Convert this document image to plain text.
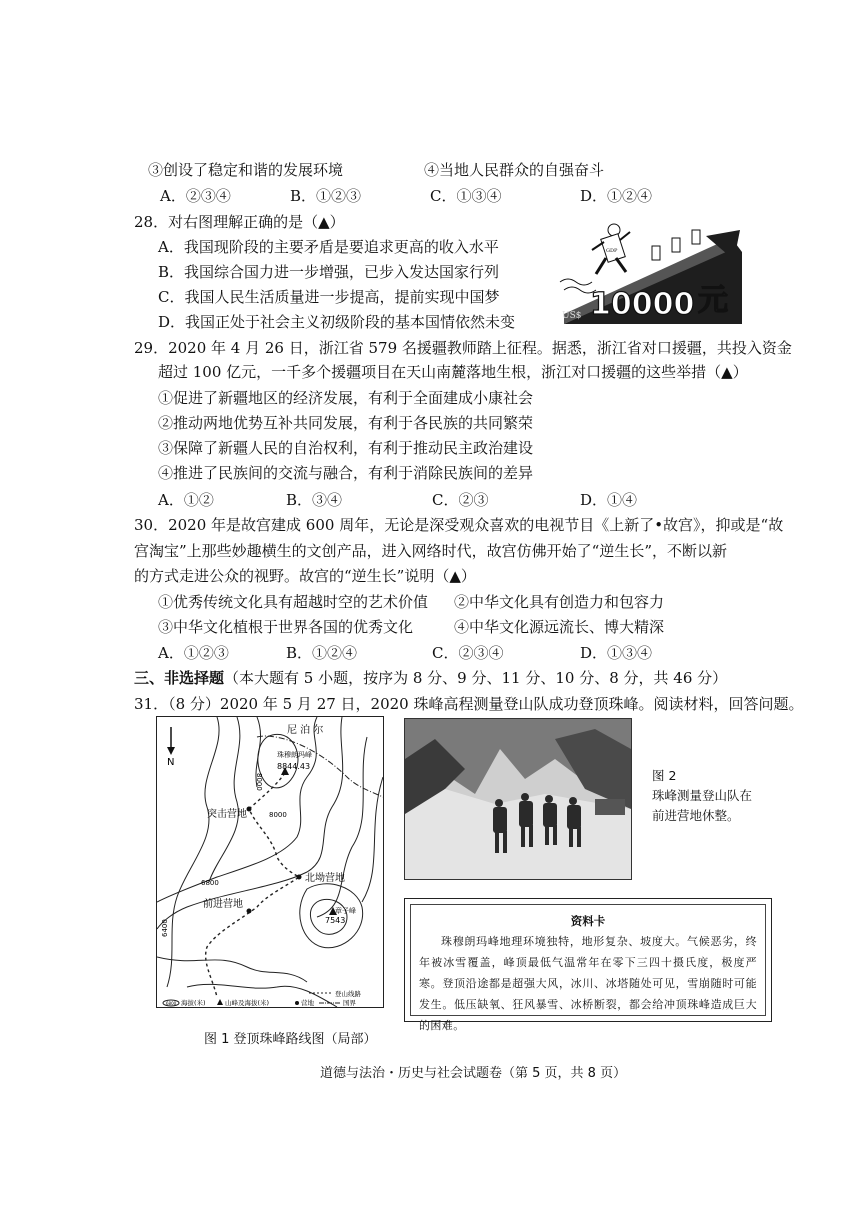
③创设了稳定和谐的发展环境	④当地人民群众的自强奋斗
A．②③④	B．①②③	C．①③④	D．①②④
28．对右图理解正确的是（▲）
A．我国现阶段的主要矛盾是要追求更高的收入水平
B．我国综合国力进一步增强，已步入发达国家行列
C．我国人民生活质量进一步提高，提前实现中国梦
D．我国正处于社会主义初级阶段的基本国情依然未变	US$ 10000 元
GDP
29．2020 年 4 月 26 日，浙江省 579 名援疆教师踏上征程。据悉，浙江省对口援疆，共投入资金
超过 100 亿元，一千多个援疆项目在天山南麓落地生根，浙江对口援疆的这些举措（▲）
①促进了新疆地区的经济发展，有利于全面建成小康社会
②推动两地优势互补共同发展，有利于各民族的共同繁荣
③保障了新疆人民的自治权利，有利于推动民主政治建设
④推进了民族间的交流与融合，有利于消除民族间的差异
A．①②	B．③④	C．②③	D．①④
30．2020 年是故宫建成 600 周年，无论是深受观众喜欢的电视节目《上新了•故宫》，抑或是“故
宫淘宝”上那些妙趣横生的文创产品，进入网络时代，故宫仿佛开始了“逆生长”，不断以新
的方式走进公众的视野。故宫的“逆生长”说明（▲）
①优秀传统文化具有超越时空的艺术价值 ②中华文化具有创造力和包容力
③中华文化植根于世界各国的优秀文化	④中华文化源远流长、博大精深
A．①②③	B．①②④	C．②③④	D．①③④
三、非选择题（本大题有 5 小题，按序为 8 分、9 分、11 分、10 分、8 分，共 46 分）
31．（8 分）2020 年 5 月 27 日，2020 珠峰高程测量登山队成功登顶珠峰。阅读材料，回答问题。
N
尼 泊 尔
珠穆朗玛峰
8844.43
8000
突击营地	8000
北坳营地
6800
前进营地
章子峰
7543
6400
登山线路
6800 海拔(米)	山峰及海拔(米)	营地	国界
图 1 登顶珠峰路线图（局部）
图 2
珠峰测量登山队在
前进营地休整。
资料卡
珠穆朗玛峰地理环境独特，地形复杂、坡度大。气候恶劣，终年被冰雪覆盖，峰顶最低气温常年在零下三四十摄氏度，极度严寒。登顶沿途都是超强大风，冰川、冰塔随处可见，雪崩随时可能发生。低压缺氧、狂风暴雪、冰桥断裂，都会给冲顶珠峰造成巨大的困难。
道德与法治・历史与社会试题卷（第 5 页，共 8 页）
